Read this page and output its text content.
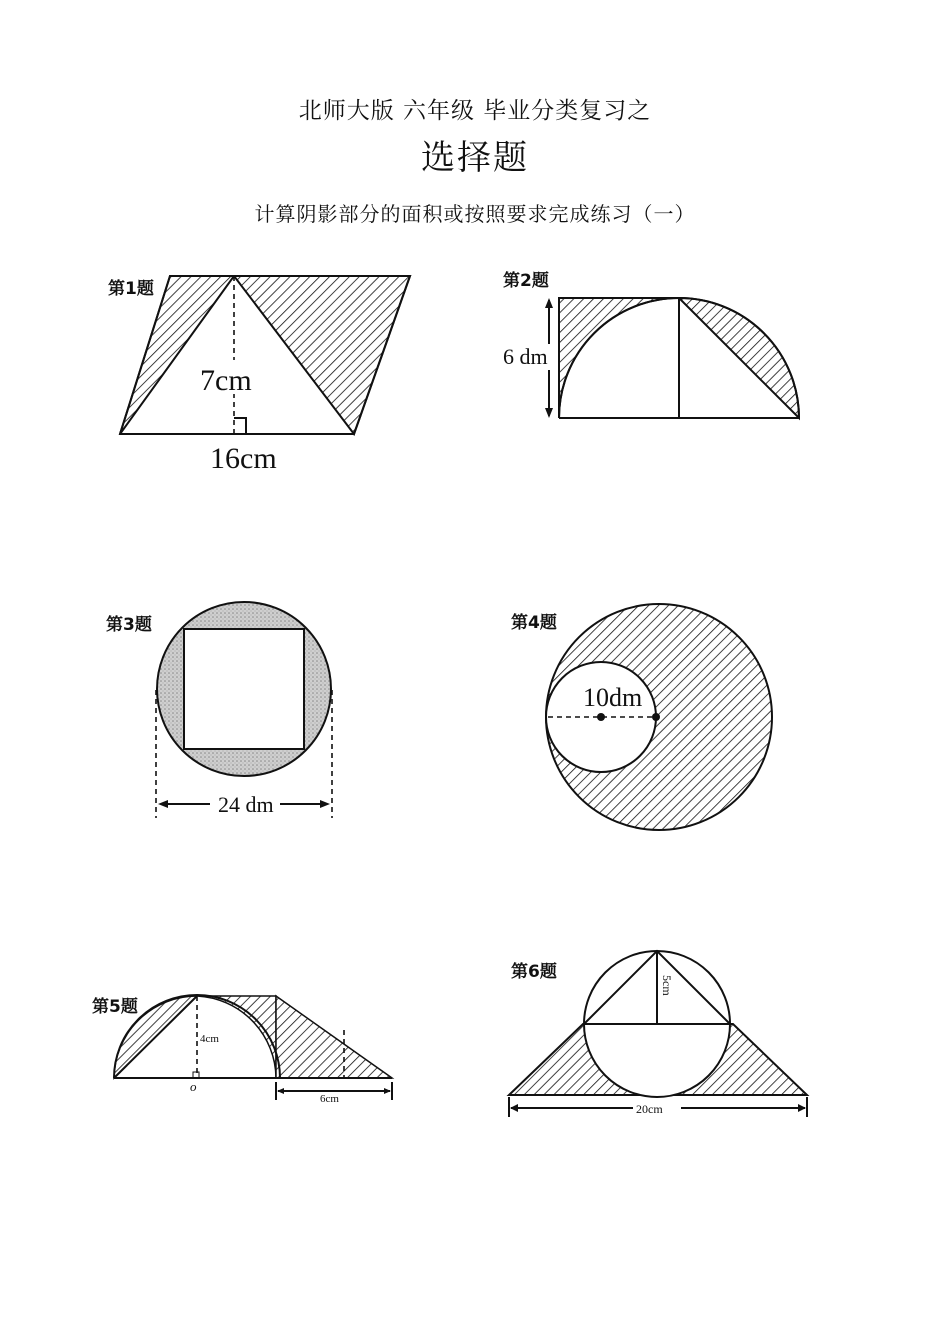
北师大版 六年级 毕业分类复习之
选择题
计算阴影部分的面积或按照要求完成练习（一）
第1题
7cm
16cm
第2题
6 dm
第3题
24 dm
第4题
10dm
第5题
4cm
o
6cm
第6题
5cm
20cm
